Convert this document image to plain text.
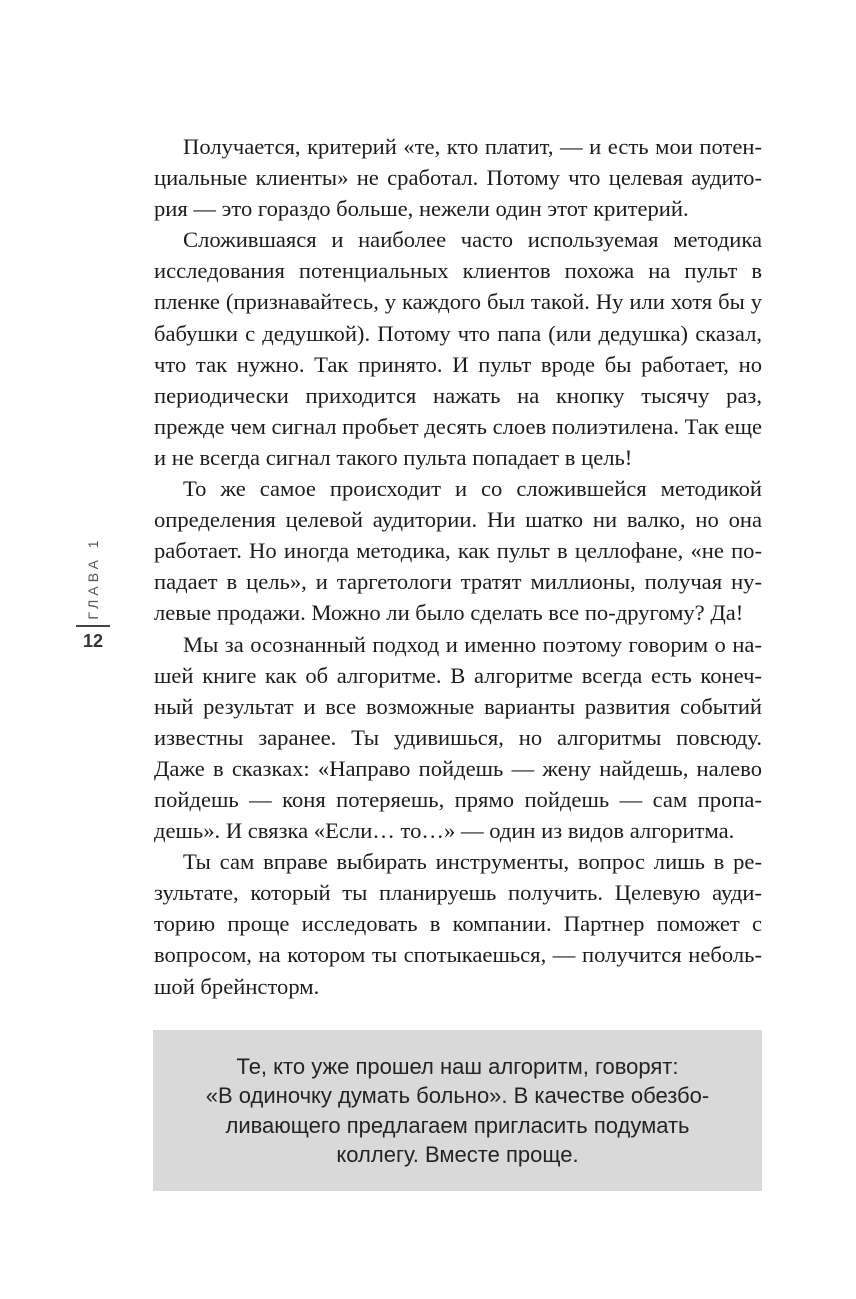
Получается, критерий «те, кто платит, — и есть мои потенциальные клиенты» не сработал. Потому что целевая аудитория — это гораздо больше, нежели один этот критерий.

Сложившаяся и наиболее часто используемая методика исследования потенциальных клиентов похожа на пульт в пленке (признавайтесь, у каждого был такой. Ну или хотя бы у бабушки с дедушкой). Потому что папа (или дедушка) сказал, что так нужно. Так принято. И пульт вроде бы работает, но периодически приходится нажать на кнопку тысячу раз, прежде чем сигнал пробьет десять слоев полиэтилена. Так еще и не всегда сигнал такого пульта попадает в цель!

То же самое происходит и со сложившейся методикой определения целевой аудитории. Ни шатко ни валко, но она работает. Но иногда методика, как пульт в целлофане, «не попадает в цель», и таргетологи тратят миллионы, получая нулевые продажи. Можно ли было сделать все по-другому? Да!

Мы за осознанный подход и именно поэтому говорим о нашей книге как об алгоритме. В алгоритме всегда есть конечный результат и все возможные варианты развития событий известны заранее. Ты удивишься, но алгоритмы повсюду. Даже в сказках: «Направо пойдешь — жену найдешь, налево пойдешь — коня потеряешь, прямо пойдешь — сам пропадешь». И связка «Если… то…» — один из видов алгоритма.

Ты сам вправе выбирать инструменты, вопрос лишь в результате, который ты планируешь получить. Целевую аудиторию проще исследовать в компании. Партнер поможет с вопросом, на котором ты спотыкаешься, — получится небольшой брейнсторм.

ГЛАВА 1
12

Те, кто уже прошел наш алгоритм, говорят:
«В одиночку думать больно». В качестве обезбо-
ливающего предлагаем пригласить подумать
коллегу. Вместе проще.
